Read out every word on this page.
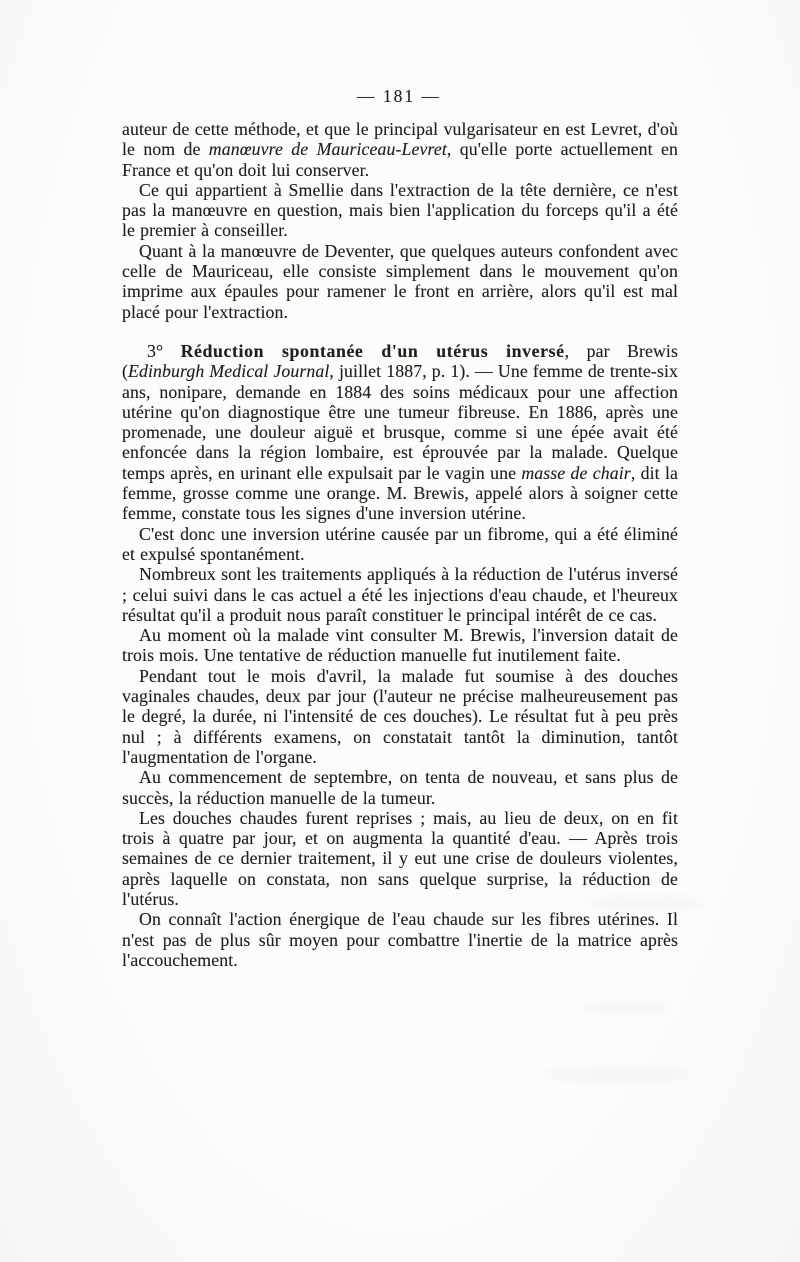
— 181 —

auteur de cette méthode, et que le principal vulgarisateur en est Levret, d'où le nom de manœuvre de Mauriceau-Levret, qu'elle porte actuellement en France et qu'on doit lui conserver.

Ce qui appartient à Smellie dans l'extraction de la tête dernière, ce n'est pas la manœuvre en question, mais bien l'application du forceps qu'il a été le premier à conseiller.

Quant à la manœuvre de Deventer, que quelques auteurs confondent avec celle de Mauriceau, elle consiste simplement dans le mouvement qu'on imprime aux épaules pour ramener le front en arrière, alors qu'il est mal placé pour l'extraction.

3° Réduction spontanée d'un utérus inversé, par Brewis (Edinburgh Medical Journal, juillet 1887, p. 1). — Une femme de trente-six ans, nonipare, demande en 1884 des soins médicaux pour une affection utérine qu'on diagnostique être une tumeur fibreuse. En 1886, après une promenade, une douleur aiguë et brusque, comme si une épée avait été enfoncée dans la région lombaire, est éprouvée par la malade. Quelque temps après, en urinant elle expulsait par le vagin une masse de chair, dit la femme, grosse comme une orange. M. Brewis, appelé alors à soigner cette femme, constate tous les signes d'une inversion utérine.

C'est donc une inversion utérine causée par un fibrome, qui a été éliminé et expulsé spontanément.

Nombreux sont les traitements appliqués à la réduction de l'utérus inversé ; celui suivi dans le cas actuel a été les injections d'eau chaude, et l'heureux résultat qu'il a produit nous paraît constituer le principal intérêt de ce cas.

Au moment où la malade vint consulter M. Brewis, l'inversion datait de trois mois. Une tentative de réduction manuelle fut inutilement faite.

Pendant tout le mois d'avril, la malade fut soumise à des douches vaginales chaudes, deux par jour (l'auteur ne précise malheureusement pas le degré, la durée, ni l'intensité de ces douches). Le résultat fut à peu près nul ; à différents examens, on constatait tantôt la diminution, tantôt l'augmentation de l'organe.

Au commencement de septembre, on tenta de nouveau, et sans plus de succès, la réduction manuelle de la tumeur.

Les douches chaudes furent reprises ; mais, au lieu de deux, on en fit trois à quatre par jour, et on augmenta la quantité d'eau. — Après trois semaines de ce dernier traitement, il y eut une crise de douleurs violentes, après laquelle on constata, non sans quelque surprise, la réduction de l'utérus.

On connaît l'action énergique de l'eau chaude sur les fibres utérines. Il n'est pas de plus sûr moyen pour combattre l'inertie de la matrice après l'accouchement.
